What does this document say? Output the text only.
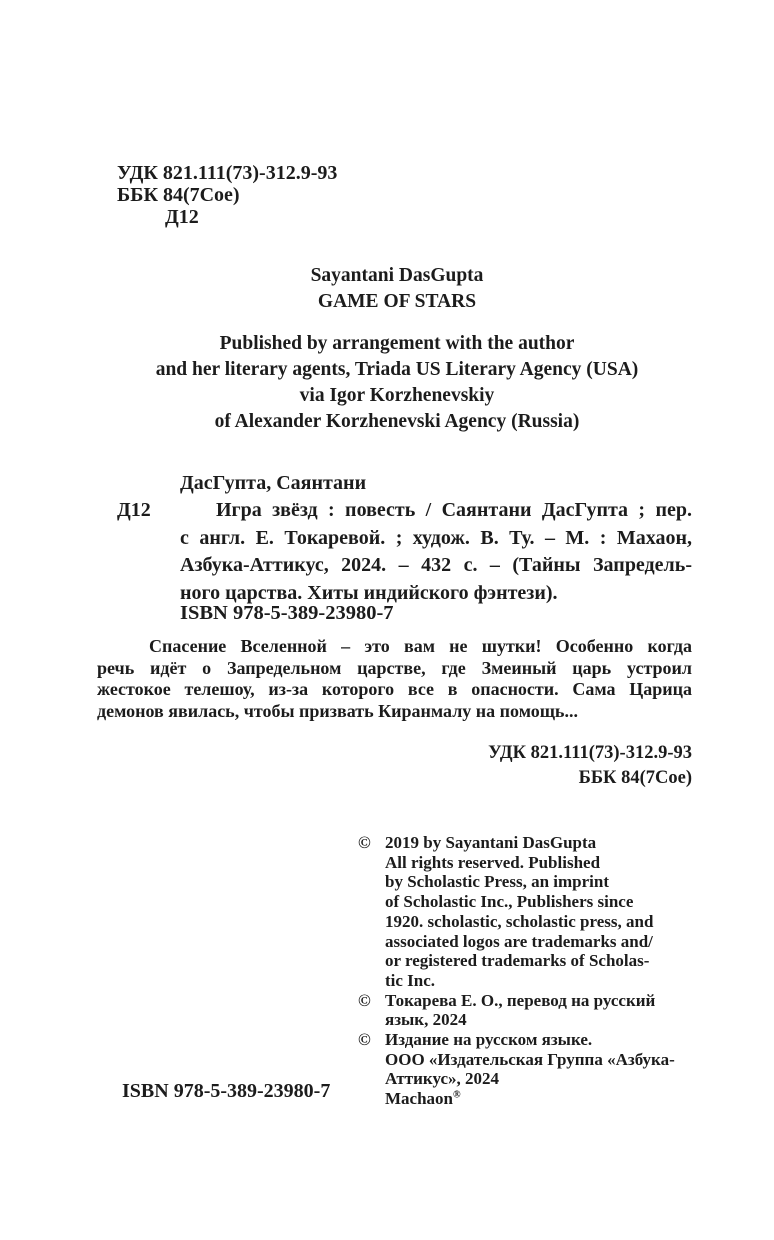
УДК 821.111(73)-312.9-93
ББК 84(7Сое)
Д12
Sayantani DasGupta
GAME OF STARS
Published by arrangement with the author
and her literary agents, Triada US Literary Agency (USA)
via Igor Korzhenevskiy
of Alexander Korzhenevski Agency (Russia)
Д12
ДасГупта, Саянтани
Игра звёзд : повесть / Саянтани ДасГупта ; пер.
с англ. Е. Токаревой. ; худож. В. Ту. – М. : Махаон,
Азбука-Аттикус, 2024. – 432 с. – (Тайны Запредель-
ного царства. Хиты индийского фэнтези).
ISBN 978-5-389-23980-7
Спасение Вселенной – это вам не шутки! Особенно когда
речь идёт о Запредельном царстве, где Змеиный царь устроил
жестокое телешоу, из-за которого все в опасности. Сама Царица
демонов явилась, чтобы призвать Киранмалу на помощь...
УДК 821.111(73)-312.9-93
ББК 84(7Сое)
© 2019 by Sayantani DasGupta
All rights reserved. Published
by Scholastic Press, an imprint
of Scholastic Inc., Publishers since
1920. scholastic, scholastic press, and
associated logos are trademarks and/
or registered trademarks of Scholas-
tic Inc.
© Токарева Е. О., перевод на русский
язык, 2024
© Издание на русском языке.
ООО «Издательская Группа «Азбука-
Аттикус», 2024
Machaon®
ISBN 978-5-389-23980-7
